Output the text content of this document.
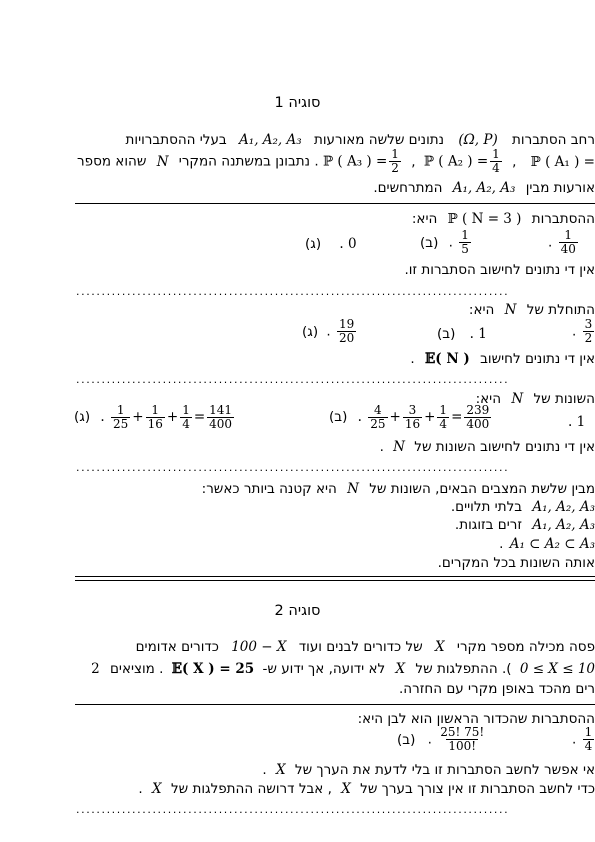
סוגיה 1
רחב הסתברות (Ω, P) נתונים שלשה מאורעות A₁, A₂, A₃ בעלי ההסתברויות
ℙ ( A₁ ) = , ℙ ( A₂ ) = $\frac{1}{4}$
, ℙ ( A₃ ) = $\frac{1}{2}$
. נתבונן במשתנה המקרי N שהוא מספר
אורעות מבין A₁, A₂, A₃ המתרחשים.
ההסתברות ℙ ( N = 3 ) היא:
. $\frac{1}{40}$
. $\frac{1}{5}$
(ב)
. 0 (ג)
אין די נתונים לחישוב הסתברות זו.
.....................................................................................
התוחלת של N היא:
. $\frac{3}{2}$
. 1 (ב)
. $\frac{19}{20}$
(ג)
אין די נתונים לחישוב 𝔼( N ) .
.....................................................................................
השונות של N היא:
. 1
. $\frac{4}{25} + \frac{3}{16} + \frac{1}{4} = \frac{239}{400}$
(ב)
. $\frac{1}{25} + \frac{1}{16} + \frac{1}{4} = \frac{141}{400}$
(ג)
אין די נתונים לחישוב השונות של N .
.....................................................................................
מבין שלשת המצבים הבאים, השונות של N היא קטנה ביותר כאשר:
A₁, A₂, A₃ בלתי תלויים.
A₁, A₂, A₃ זרים בזוגות.
A₁ ⊂ A₂ ⊂ A₃ .
אותה השונות בכל המקרים.
סוגיה 2
פסה מכילה מספר מקרי X של כדורים לבנים ועוד 100 − X כדורים אדומים
0 ≤ X ≤ 10 ). ההתפלגות של X לא ידועה, אך ידוע ש- 𝔼( X ) = 25 . מוציאים 2
רים מהכד באופן מקרי עם החזרה.
ההסתברות שהכדור הראשון הוא לבן היא:
. $\frac{1}{4}$
. $\frac{25! 75!}{100!}$
(ב)
אי אפשר לחשב הסתברות זו בלי לדעת את הערך של X .
כדי לחשב הסתברות זו אין צורך בערך של X , אבל דרושה ההתפלגות של X .
.....................................................................................
